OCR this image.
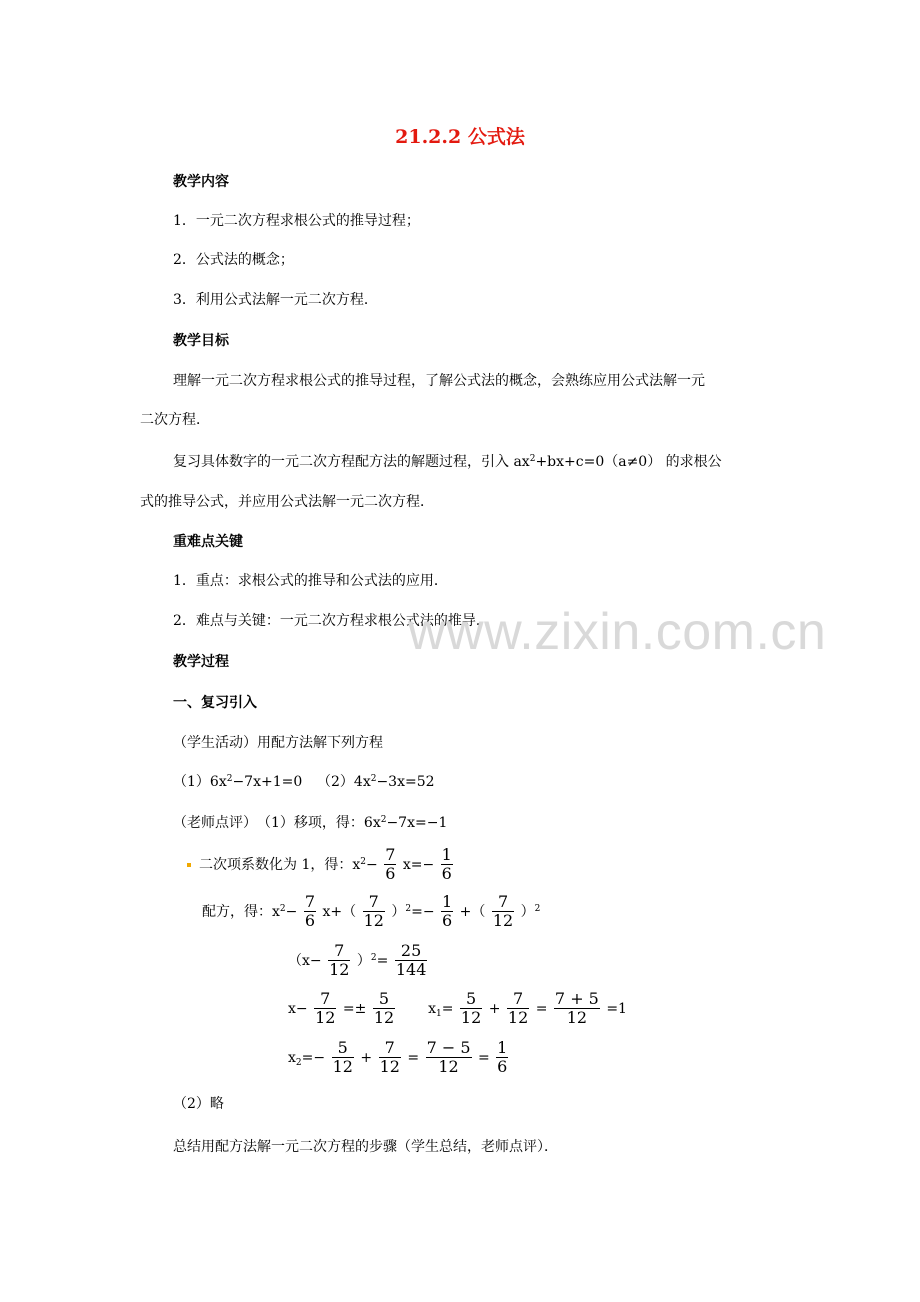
21.2.2 公式法
教学内容
1．一元二次方程求根公式的推导过程；
2．公式法的概念；
3．利用公式法解一元二次方程．
教学目标
理解一元二次方程求根公式的推导过程，了解公式法的概念，会熟练应用公式法解一元
二次方程．
复习具体数字的一元二次方程配方法的解题过程，引入 $ax^2+bx+c=0(a\ne 0)$ 的求根公
式的推导公式，并应用公式法解一元二次方程．
重难点关键
1．重点：求根公式的推导和公式法的应用．
2．难点与关键：一元二次方程求根公式法的推导．
www.zixin.com.cn
教学过程
一、复习引入
（学生活动）用配方法解下列方程
$(1)6x^2-7x+1=0$ $(2)4x^2-3x=52$
（老师点评）　（1）移项，得：$6x^2-7x=-1$
二次项系数化为 1，得：$x^2- \frac{7}{6} x=- \frac{1}{6}$
配方，得：$x^2- \frac{7}{6} x+( \frac{7}{12} )^2=- \frac{1}{6}$ +（ $\frac{7}{12} )^2$
$(x- \frac{7}{12} )^2= \frac{25}{144}$
$x- \frac{7}{12} =\pm \frac{5}{12} x_1= \frac{5}{12} + \frac{7}{12} = \frac{7 + 5}{12} =1$
$x_2=- \frac{5}{12} + \frac{7}{12} = \frac{7 - 5}{12} = \frac{1}{6}$
（2）略
总结用配方法解一元二次方程的步骤（学生总结，老师点评）．
